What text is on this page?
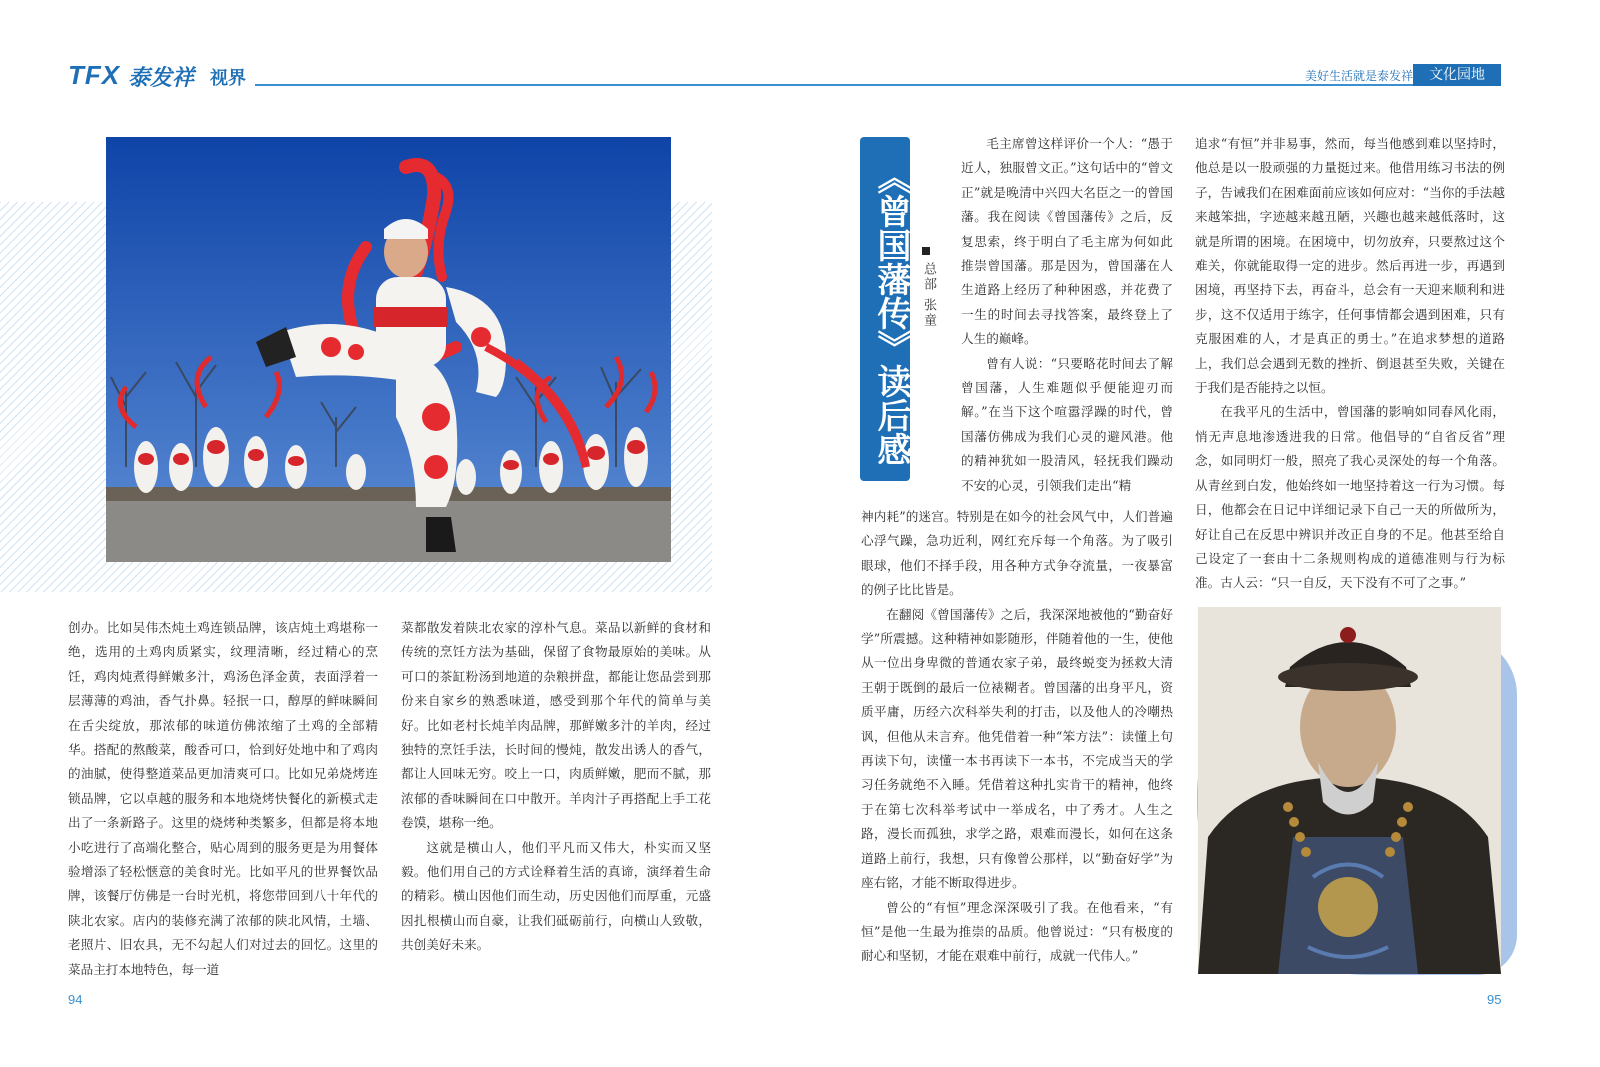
TFX 泰发祥 视界	美好生活就是泰发祥	文化园地

创办。比如吴伟杰炖土鸡连锁品牌，该店炖土鸡堪称一绝，选用的土鸡肉质紧实，纹理清晰，经过精心的烹饪，鸡肉炖煮得鲜嫩多汁，鸡汤色泽金黄，表面浮着一层薄薄的鸡油，香气扑鼻。轻抿一口，醇厚的鲜味瞬间在舌尖绽放，那浓郁的味道仿佛浓缩了土鸡的全部精华。搭配的熬酸菜，酸香可口，恰到好处地中和了鸡肉的油腻，使得整道菜品更加清爽可口。比如兄弟烧烤连锁品牌，它以卓越的服务和本地烧烤快餐化的新模式走出了一条新路子。这里的烧烤种类繁多，但都是将本地小吃进行了高端化整合，贴心周到的服务更是为用餐体验增添了轻松惬意的美食时光。比如平凡的世界餐饮品牌，该餐厅仿佛是一台时光机，将您带回到八十年代的陕北农家。店内的装修充满了浓郁的陕北风情，土墙、老照片、旧农具，无不勾起人们对过去的回忆。这里的菜品主打本地特色，每一道

菜都散发着陕北农家的淳朴气息。菜品以新鲜的食材和传统的烹饪方法为基础，保留了食物最原始的美味。从可口的茶缸粉汤到地道的杂粮拼盘，都能让您品尝到那份来自家乡的熟悉味道，感受到那个年代的简单与美好。比如老村长炖羊肉品牌，那鲜嫩多汁的羊肉，经过独特的烹饪手法，长时间的慢炖，散发出诱人的香气，都让人回味无穷。咬上一口，肉质鲜嫩，肥而不腻，那浓郁的香味瞬间在口中散开。羊肉汁子再搭配上手工花卷馍，堪称一绝。

这就是横山人，他们平凡而又伟大，朴实而又坚毅。他们用自己的方式诠释着生活的真谛，演绎着生命的精彩。横山因他们而生动，历史因他们而厚重，元盛因扎根横山而自豪，让我们砥砺前行，向横山人致敬，共创美好未来。

94
《曾国藩传》读后感 总部 张童

毛主席曾这样评价一个人：“愚于近人，独服曾文正。”这句话中的“曾文正”就是晚清中兴四大名臣之一的曾国藩。我在阅读《曾国藩传》之后，反复思索，终于明白了毛主席为何如此推崇曾国藩。那是因为，曾国藩在人生道路上经历了种种困惑，并花费了一生的时间去寻找答案，最终登上了人生的巅峰。

曾有人说：“只要略花时间去了解曾国藩，人生难题似乎便能迎刃而解。”在当下这个喧嚣浮躁的时代，曾国藩仿佛成为我们心灵的避风港。他的精神犹如一股清风，轻抚我们躁动不安的心灵，引领我们走出“精

神内耗”的迷宫。特别是在如今的社会风气中，人们普遍心浮气躁，急功近利，网红充斥每一个角落。为了吸引眼球，他们不择手段，用各种方式争夺流量，一夜暴富的例子比比皆是。

在翻阅《曾国藩传》之后，我深深地被他的“勤奋好学”所震撼。这种精神如影随形，伴随着他的一生，使他从一位出身卑微的普通农家子弟，最终蜕变为拯救大清王朝于既倒的最后一位裱糊者。曾国藩的出身平凡，资质平庸，历经六次科举失利的打击，以及他人的冷嘲热讽，但他从未言弃。他凭借着一种“笨方法”：读懂上句再读下句，读懂一本书再读下一本书，不完成当天的学习任务就绝不入睡。凭借着这种扎实肯干的精神，他终于在第七次科举考试中一举成名，中了秀才。人生之路，漫长而孤独，求学之路，艰难而漫长，如何在这条道路上前行，我想，只有像曾公那样，以“勤奋好学”为座右铭，才能不断取得进步。

曾公的“有恒”理念深深吸引了我。在他看来，“有恒”是他一生最为推崇的品质。他曾说过：“只有极度的耐心和坚韧，才能在艰难中前行，成就一代伟人。”

追求“有恒”并非易事，然而，每当他感到难以坚持时，他总是以一股顽强的力量挺过来。他借用练习书法的例子，告诫我们在困难面前应该如何应对：“当你的手法越来越笨拙，字迹越来越丑陋，兴趣也越来越低落时，这就是所谓的困境。在困境中，切勿放弃，只要熬过这个难关，你就能取得一定的进步。然后再进一步，再遇到困境，再坚持下去，再奋斗，总会有一天迎来顺利和进步，这不仅适用于练字，任何事情都会遇到困难，只有克服困难的人，才是真正的勇士。”在追求梦想的道路上，我们总会遇到无数的挫折、倒退甚至失败，关键在于我们是否能持之以恒。

在我平凡的生活中，曾国藩的影响如同春风化雨，悄无声息地渗透进我的日常。他倡导的“自省反省”理念，如同明灯一般，照亮了我心灵深处的每一个角落。从青丝到白发，他始终如一地坚持着这一行为习惯。每日，他都会在日记中详细记录下自己一天的所做所为，好让自己在反思中辨识并改正自身的不足。他甚至给自己设定了一套由十二条规则构成的道德准则与行为标准。古人云：“只一自反，天下没有不可了之事。”

95
